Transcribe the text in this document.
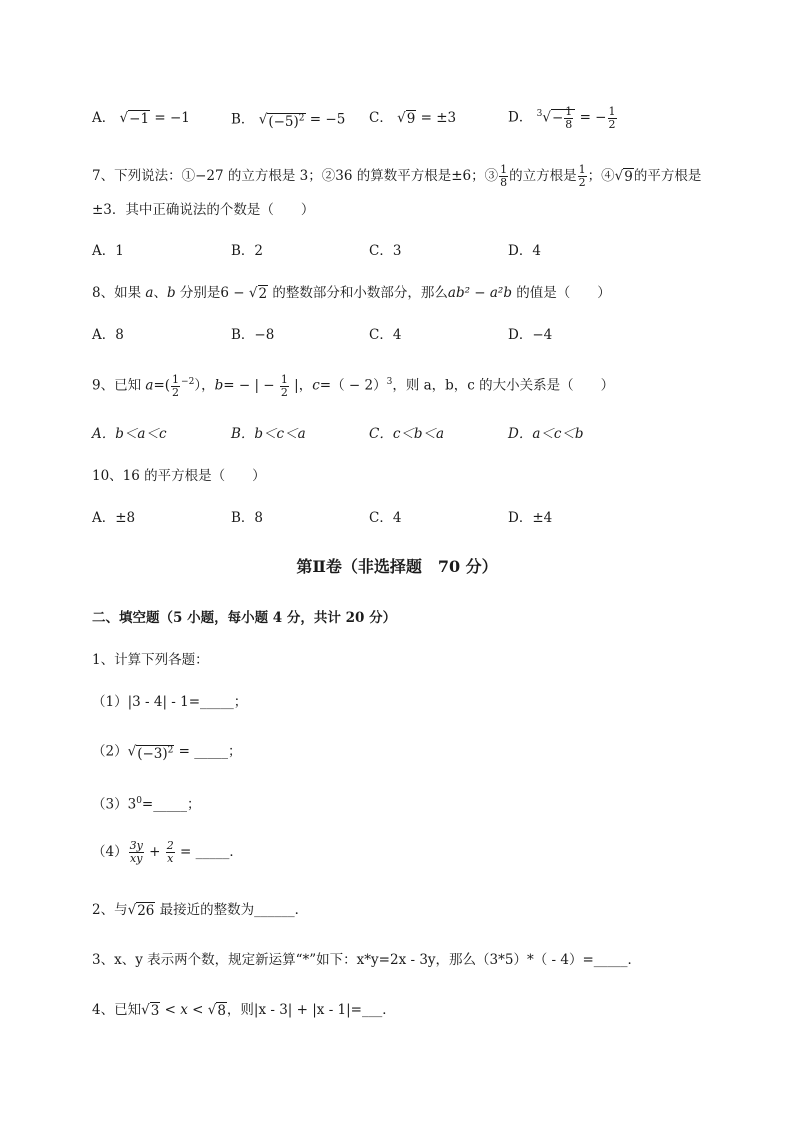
A． √−1 = −1	B． $√(-5)^2 = -5$ C． √9 = ±3	D． $^3√- \frac{1}{8}$ = − $\frac{1}{2}$
7、下列说法：①−27 的立方根是 3；②36 的算数平方根是±6；③ $\frac{1}{8}$ 的立方根是 $\frac{1}{2}$ ；④√9的平方根是
±3．其中正确说法的个数是（　　）
A．1	B．2	C．3	D．4
8、如果 a、b 分别是6 − √2 的整数部分和小数部分，那么ab² − a²b 的值是（　　）
A．8	B．−8	C．4	D．−4
9、已知 $a=( \frac{1}{2} ^{-2})$，b= − | − $\frac{1}{2}$ |，$c=( - 2)^3$，则 a，b，c 的大小关系是（　　）
A．b＜a＜c	B．b＜c＜a	C．c＜b＜a	D．a＜c＜b
10、16 的平方根是（　　）
A．±8	B．8	C．4	D．±4
第Ⅱ卷（非选择题　70 分）
二、填空题（5 小题，每小题 4 分，共计 20 分）
1、计算下列各题：
（1）|3 - 4| - 1=_____；
$(2)√(-3)^2$ = _____；
$(3)3^0=\_\_\_\_\_$；
$(4) \frac{3y}{xy} + \frac{2}{x}$ = _____．
2、与√26 最接近的整数为______．
3、x、y 表示两个数，规定新运算“*”如下：x*y=2x - 3y，那么（3*5）*（ - 4）=_____．
4、已知√3 < x < √8，则|x - 3| + |x - 1|=___．
